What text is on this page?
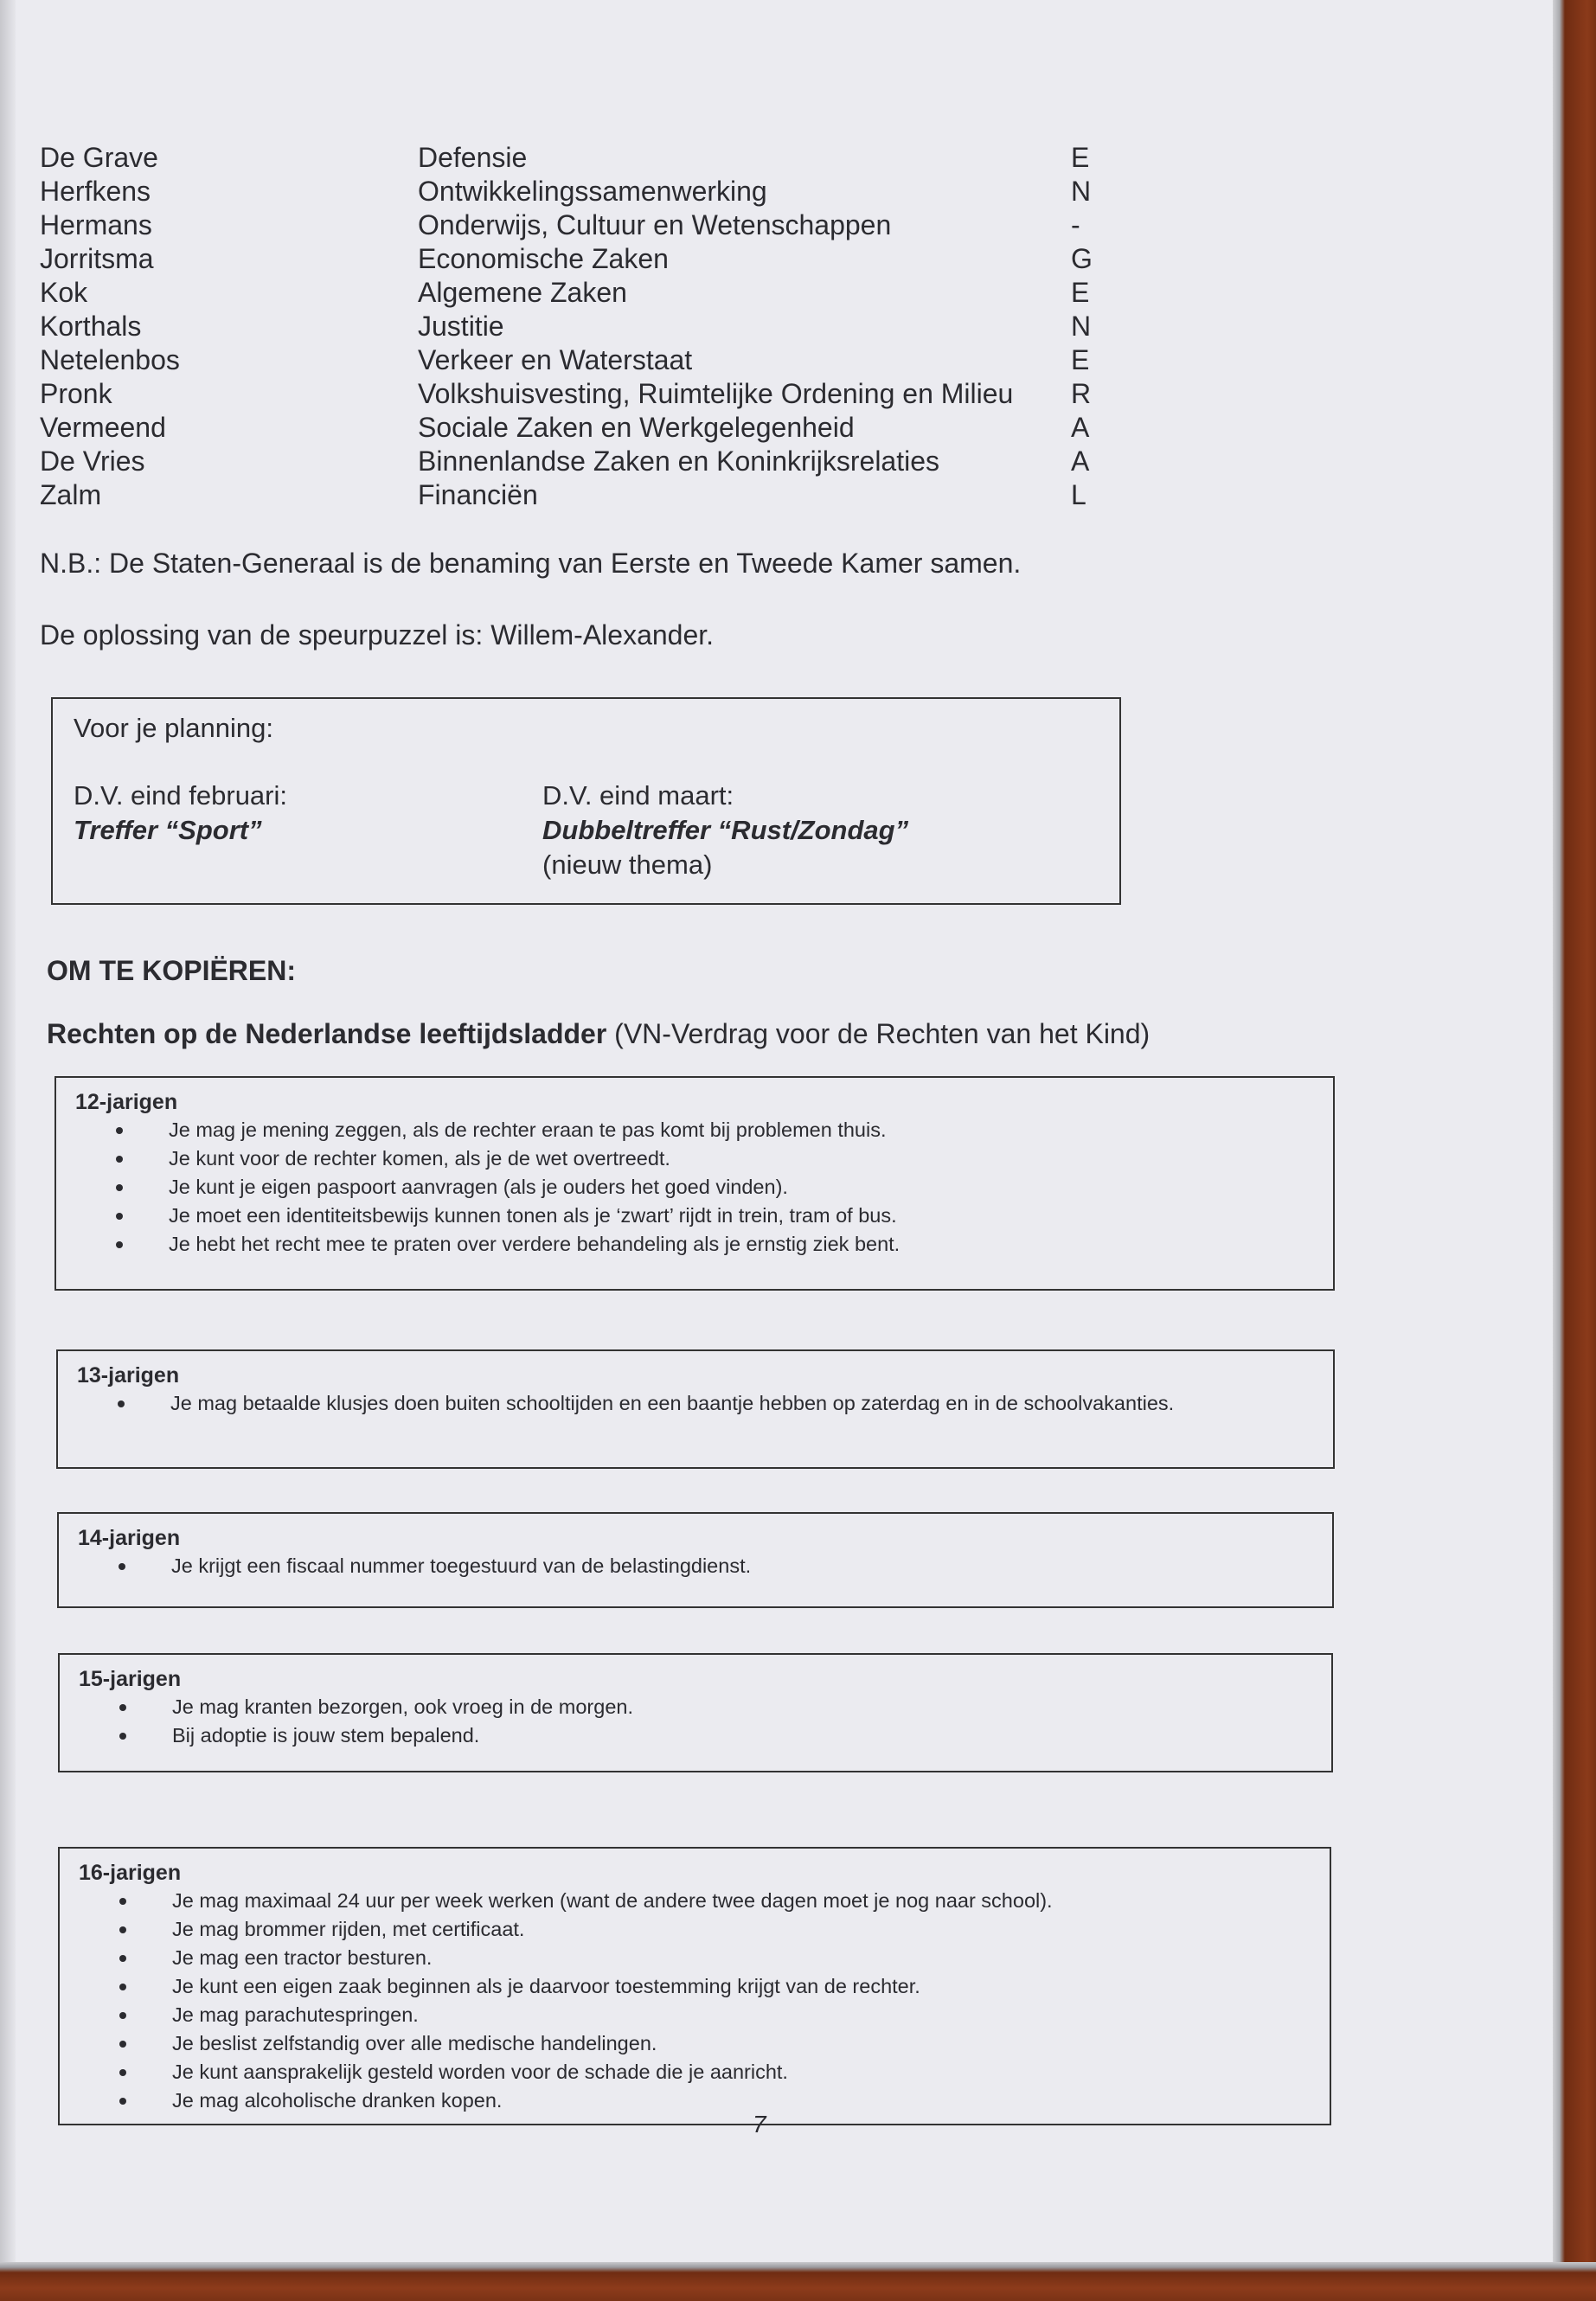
De Grave	Defensie	E
Herfkens	Ontwikkelingssamenwerking	N
Hermans	Onderwijs, Cultuur en Wetenschappen	-
Jorritsma	Economische Zaken	G
Kok	Algemene Zaken	E
Korthals	Justitie	N
Netelenbos	Verkeer en Waterstaat	E
Pronk	Volkshuisvesting, Ruimtelijke Ordening en Milieu	R
Vermeend	Sociale Zaken en Werkgelegenheid	A
De Vries	Binnenlandse Zaken en Koninkrijksrelaties	A
Zalm	Financiën	L
N.B.: De Staten-Generaal is de benaming van Eerste en Tweede Kamer samen.
De oplossing van de speurpuzzel is: Willem-Alexander.
Voor je planning:
D.V. eind februari:
Treffer “Sport”
D.V. eind maart:
Dubbeltreffer “Rust/Zondag”
(nieuw thema)
OM TE KOPIËREN:
Rechten op de Nederlandse leeftijdsladder (VN-Verdrag voor de Rechten van het Kind)
12-jarigen
Je mag je mening zeggen, als de rechter eraan te pas komt bij problemen thuis.
Je kunt voor de rechter komen, als je de wet overtreedt.
Je kunt je eigen paspoort aanvragen (als je ouders het goed vinden).
Je moet een identiteitsbewijs kunnen tonen als je ‘zwart’ rijdt in trein, tram of bus.
Je hebt het recht mee te praten over verdere behandeling als je ernstig ziek bent.
13-jarigen
Je mag betaalde klusjes doen buiten schooltijden en een baantje hebben op zaterdag en in de schoolvakanties.
14-jarigen
Je krijgt een fiscaal nummer toegestuurd van de belastingdienst.
15-jarigen
Je mag kranten bezorgen, ook vroeg in de morgen.
Bij adoptie is jouw stem bepalend.
16-jarigen
Je mag maximaal 24 uur per week werken (want de andere twee dagen moet je nog naar school).
Je mag brommer rijden, met certificaat.
Je mag een tractor besturen.
Je kunt een eigen zaak beginnen als je daarvoor toestemming krijgt van de rechter.
Je mag parachutespringen.
Je beslist zelfstandig over alle medische handelingen.
Je kunt aansprakelijk gesteld worden voor de schade die je aanricht.
Je mag alcoholische dranken kopen.
7
